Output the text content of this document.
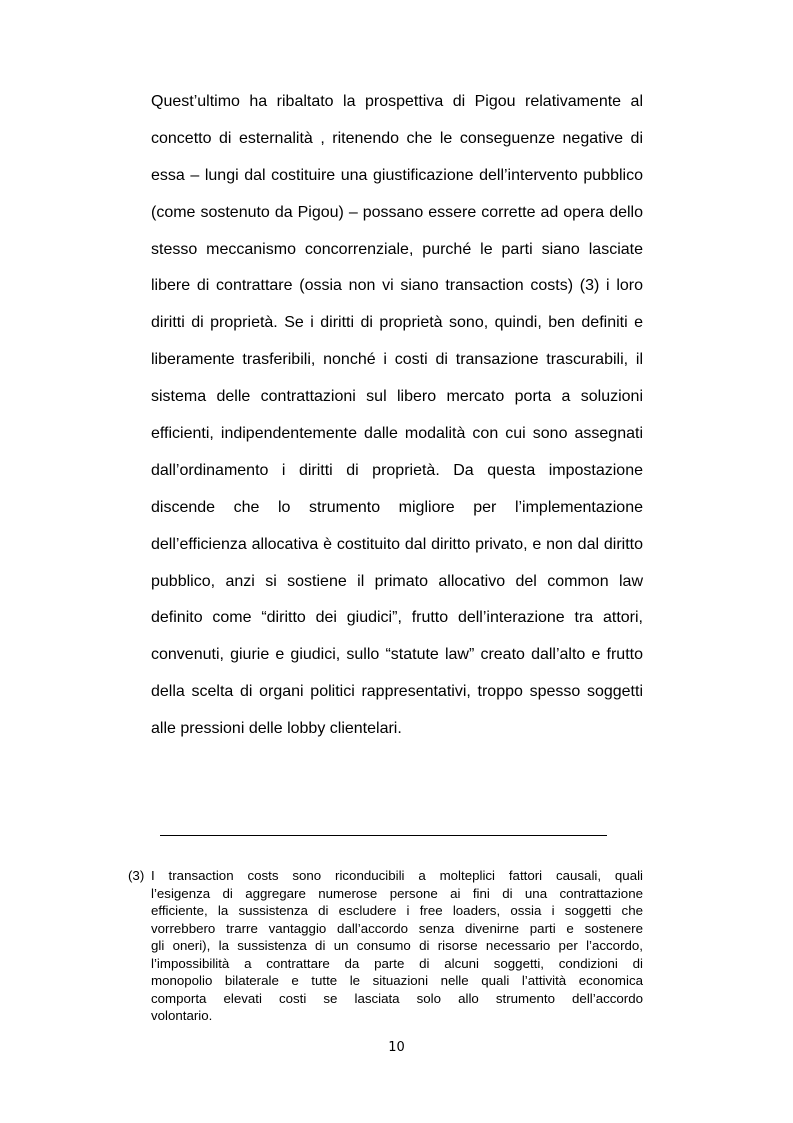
Quest’ultimo ha ribaltato la prospettiva di Pigou relativamente al
concetto di esternalità , ritenendo che le conseguenze negative di
essa – lungi dal costituire una giustificazione dell’intervento pubblico
(come sostenuto da Pigou) – possano essere corrette ad opera dello
stesso meccanismo concorrenziale, purché le parti siano lasciate
libere di contrattare (ossia non vi siano transaction costs) (3) i loro
diritti di proprietà. Se i diritti di proprietà sono, quindi, ben definiti e
liberamente trasferibili, nonché i costi di transazione trascurabili, il
sistema delle contrattazioni sul libero mercato porta a soluzioni
efficienti, indipendentemente dalle modalità con cui sono assegnati
dall’ordinamento i diritti di proprietà. Da questa impostazione
discende che lo strumento migliore per l’implementazione
dell’efficienza allocativa è costituito dal diritto privato, e non dal diritto
pubblico, anzi si sostiene il primato allocativo del common law
definito come “diritto dei giudici”, frutto dell’interazione tra attori,
convenuti, giurie e giudici, sullo “statute law” creato dall’alto e frutto
della scelta di organi politici rappresentativi, troppo spesso soggetti
alle pressioni delle lobby clientelari.
(3) I transaction costs sono riconducibili a molteplici fattori causali, quali
l’esigenza di aggregare numerose persone ai fini di una contrattazione
efficiente, la sussistenza di escludere i free loaders, ossia i soggetti che
vorrebbero trarre vantaggio dall’accordo senza divenirne parti e sostenere
gli oneri), la sussistenza di un consumo di risorse necessario per l’accordo,
l’impossibilità a contrattare da parte di alcuni soggetti, condizioni di
monopolio bilaterale e tutte le situazioni nelle quali l’attività economica
comporta elevati costi se lasciata solo allo strumento dell’accordo
volontario.
10
